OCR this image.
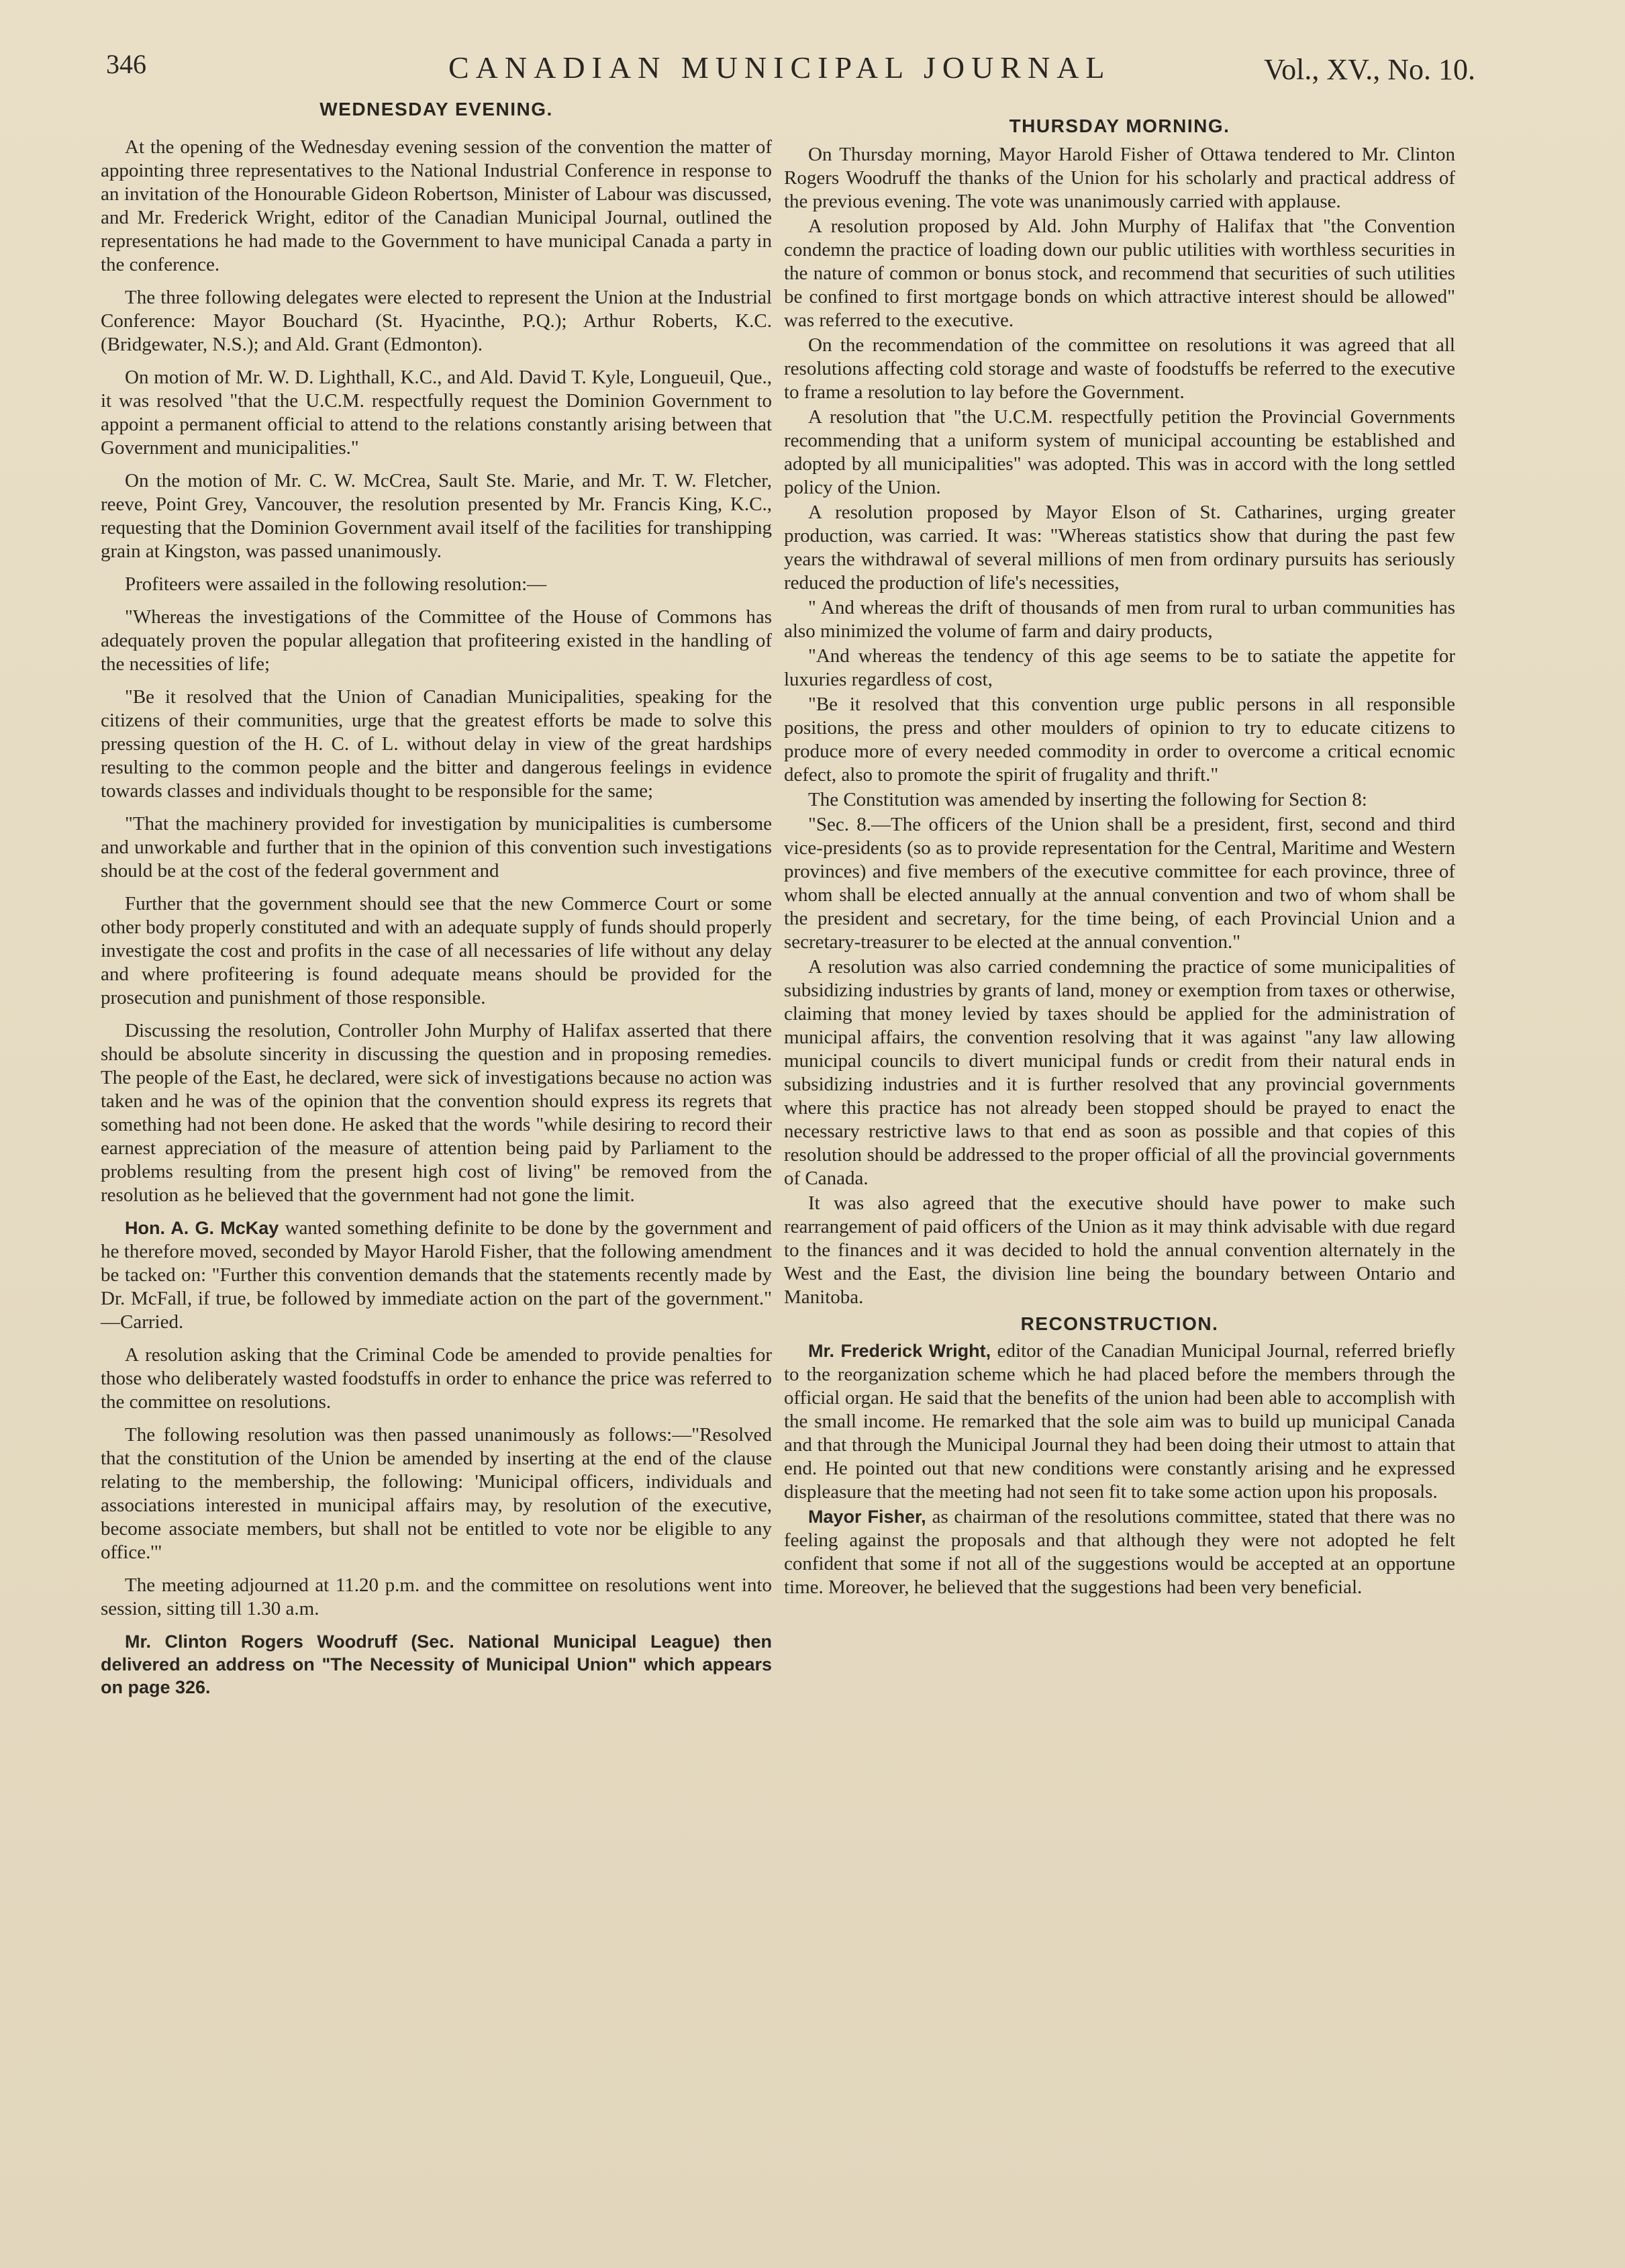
346	CANADIAN MUNICIPAL JOURNAL	Vol., XV., No. 10.
WEDNESDAY EVENING.

At the opening of the Wednesday evening session of the convention the matter of appointing three representatives to the National Industrial Conference in response to an invitation of the Honourable Gideon Robertson, Minister of Labour was discussed, and Mr. Frederick Wright, editor of the Canadian Municipal Journal, outlined the representations he had made to the Government to have municipal Canada a party in the conference.

The three following delegates were elected to represent the Union at the Industrial Conference: Mayor Bouchard (St. Hyacinthe, P.Q.); Arthur Roberts, K.C. (Bridgewater, N.S.); and Ald. Grant (Edmonton).

On motion of Mr. W. D. Lighthall, K.C., and Ald. David T. Kyle, Longueuil, Que., it was resolved "that the U.C.M. respectfully request the Dominion Government to appoint a permanent official to attend to the relations constantly arising between that Government and municipalities."

On the motion of Mr. C. W. McCrea, Sault Ste. Marie, and Mr. T. W. Fletcher, reeve, Point Grey, Vancouver, the resolution presented by Mr. Francis King, K.C., requesting that the Dominion Government avail itself of the facilities for transhipping grain at Kingston, was passed unanimously.

Profiteers were assailed in the following resolution:—

"Whereas the investigations of the Committee of the House of Commons has adequately proven the popular allegation that profiteering existed in the handling of the necessities of life;

"Be it resolved that the Union of Canadian Municipalities, speaking for the citizens of their communities, urge that the greatest efforts be made to solve this pressing question of the H. C. of L. without delay in view of the great hardships resulting to the common people and the bitter and dangerous feelings in evidence towards classes and individuals thought to be responsible for the same;

"That the machinery provided for investigation by municipalities is cumbersome and unworkable and further that in the opinion of this convention such investigations should be at the cost of the federal government and

Further that the government should see that the new Commerce Court or some other body properly constituted and with an adequate supply of funds should properly investigate the cost and profits in the case of all necessaries of life without any delay and where profiteering is found adequate means should be provided for the prosecution and punishment of those responsible.

Discussing the resolution, Controller John Murphy of Halifax asserted that there should be absolute sincerity in discussing the question and in proposing remedies. The people of the East, he declared, were sick of investigations because no action was taken and he was of the opinion that the convention should express its regrets that something had not been done. He asked that the words "while desiring to record their earnest appreciation of the measure of attention being paid by Parliament to the problems resulting from the present high cost of living" be removed from the resolution as he believed that the government had not gone the limit.

Hon. A. G. McKay wanted something definite to be done by the government and he therefore moved, seconded by Mayor Harold Fisher, that the following amendment be tacked on: "Further this convention demands that the statements recently made by Dr. McFall, if true, be followed by immediate action on the part of the government." —Carried.

A resolution asking that the Criminal Code be amended to provide penalties for those who deliberately wasted foodstuffs in order to enhance the price was referred to the committee on resolutions.

The following resolution was then passed unanimously as follows:—"Resolved that the constitution of the Union be amended by inserting at the end of the clause relating to the membership, the following: 'Municipal officers, individuals and associations interested in municipal affairs may, by resolution of the executive, become associate members, but shall not be entitled to vote nor be eligible to any office.'"

The meeting adjourned at 11.20 p.m. and the committee on resolutions went into session, sitting till 1.30 a.m.

Mr. Clinton Rogers Woodruff (Sec. National Municipal League) then delivered an address on "The Necessity of Municipal Union" which appears on page 326.
THURSDAY MORNING.

On Thursday morning, Mayor Harold Fisher of Ottawa tendered to Mr. Clinton Rogers Woodruff the thanks of the Union for his scholarly and practical address of the previous evening. The vote was unanimously carried with applause.

A resolution proposed by Ald. John Murphy of Halifax that "the Convention condemn the practice of loading down our public utilities with worthless securities in the nature of common or bonus stock, and recommend that securities of such utilities be confined to first mortgage bonds on which attractive interest should be allowed" was referred to the executive.

On the recommendation of the committee on resolutions it was agreed that all resolutions affecting cold storage and waste of foodstuffs be referred to the executive to frame a resolution to lay before the Government.

A resolution that "the U.C.M. respectfully petition the Provincial Governments recommending that a uniform system of municipal accounting be established and adopted by all municipalities" was adopted. This was in accord with the long settled policy of the Union.

A resolution proposed by Mayor Elson of St. Catharines, urging greater production, was carried. It was: "Whereas statistics show that during the past few years the withdrawal of several millions of men from ordinary pursuits has seriously reduced the production of life's necessities,

" And whereas the drift of thousands of men from rural to urban communities has also minimized the volume of farm and dairy products,

"And whereas the tendency of this age seems to be to satiate the appetite for luxuries regardless of cost,

"Be it resolved that this convention urge public persons in all responsible positions, the press and other moulders of opinion to try to educate citizens to produce more of every needed commodity in order to overcome a critical ecnomic defect, also to promote the spirit of frugality and thrift."

The Constitution was amended by inserting the following for Section 8:

"Sec. 8.—The officers of the Union shall be a president, first, second and third vice-presidents (so as to provide representation for the Central, Maritime and Western provinces) and five members of the executive committee for each province, three of whom shall be elected annually at the annual convention and two of whom shall be the president and secretary, for the time being, of each Provincial Union and a secretary-treasurer to be elected at the annual convention."

A resolution was also carried condemning the practice of some municipalities of subsidizing industries by grants of land, money or exemption from taxes or otherwise, claiming that money levied by taxes should be applied for the administration of municipal affairs, the convention resolving that it was against "any law allowing municipal councils to divert municipal funds or credit from their natural ends in subsidizing industries and it is further resolved that any provincial governments where this practice has not already been stopped should be prayed to enact the necessary restrictive laws to that end as soon as possible and that copies of this resolution should be addressed to the proper official of all the provincial governments of Canada.

It was also agreed that the executive should have power to make such rearrangement of paid officers of the Union as it may think advisable with due regard to the finances and it was decided to hold the annual convention alternately in the West and the East, the division line being the boundary between Ontario and Manitoba.

RECONSTRUCTION.

Mr. Frederick Wright, editor of the Canadian Municipal Journal, referred briefly to the reorganization scheme which he had placed before the members through the official organ. He said that the benefits of the union had been able to accomplish with the small income. He remarked that the sole aim was to build up municipal Canada and that through the Municipal Journal they had been doing their utmost to attain that end. He pointed out that new conditions were constantly arising and he expressed displeasure that the meeting had not seen fit to take some action upon his proposals.

Mayor Fisher, as chairman of the resolutions committee, stated that there was no feeling against the proposals and that although they were not adopted he felt confident that some if not all of the suggestions would be accepted at an opportune time. Moreover, he believed that the suggestions had been very beneficial.
